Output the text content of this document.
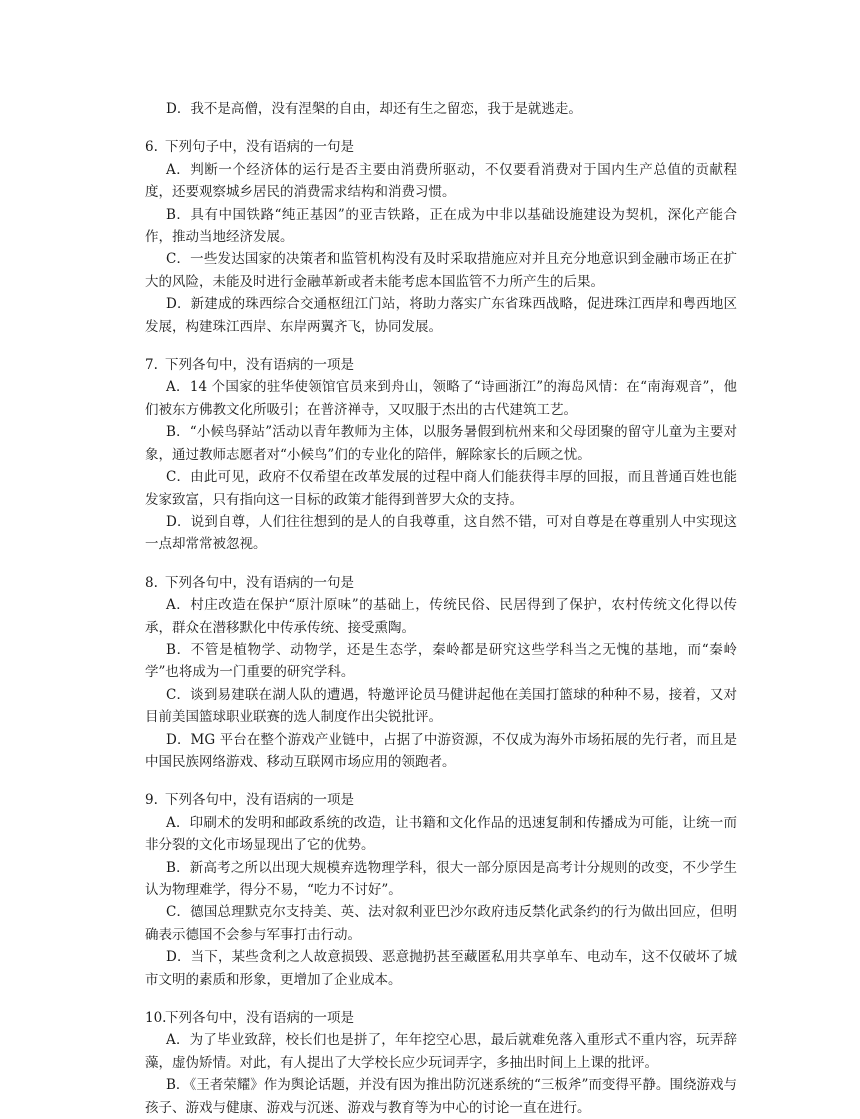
D．我不是高僧，没有涅槃的自由，却还有生之留恋，我于是就逃走。

6. 下列句子中，没有语病的一句是

A．判断一个经济体的运行是否主要由消费所驱动，不仅要看消费对于国内生产总值的贡献程度，还要观察城乡居民的消费需求结构和消费习惯。

B．具有中国铁路“纯正基因”的亚吉铁路，正在成为中非以基础设施建设为契机，深化产能合作，推动当地经济发展。

C．一些发达国家的决策者和监管机构没有及时采取措施应对并且充分地意识到金融市场正在扩大的风险，未能及时进行金融革新或者未能考虑本国监管不力所产生的后果。

D．新建成的珠西综合交通枢纽江门站，将助力落实广东省珠西战略，促进珠江西岸和粤西地区发展，构建珠江西岸、东岸两翼齐飞，协同发展。

7. 下列各句中，没有语病的一项是

A．14 个国家的驻华使领馆官员来到舟山，领略了“诗画浙江”的海岛风情：在“南海观音”，他们被东方佛教文化所吸引；在普济禅寺，又叹服于杰出的古代建筑工艺。

B．“小候鸟驿站”活动以青年教师为主体，以服务暑假到杭州来和父母团聚的留守儿童为主要对象，通过教师志愿者对“小候鸟”们的专业化的陪伴，解除家长的后顾之忧。

C．由此可见，政府不仅希望在改革发展的过程中商人们能获得丰厚的回报，而且普通百姓也能发家致富，只有指向这一目标的政策才能得到普罗大众的支持。

D．说到自尊，人们往往想到的是人的自我尊重，这自然不错，可对自尊是在尊重别人中实现这一点却常常被忽视。

8. 下列各句中，没有语病的一句是

A．村庄改造在保护“原汁原味”的基础上，传统民俗、民居得到了保护，农村传统文化得以传承，群众在潜移默化中传承传统、接受熏陶。

B．不管是植物学、动物学，还是生态学，秦岭都是研究这些学科当之无愧的基地，而“秦岭学”也将成为一门重要的研究学科。

C．谈到易建联在湖人队的遭遇，特邀评论员马健讲起他在美国打篮球的种种不易，接着，又对目前美国篮球职业联赛的选人制度作出尖锐批评。

D．MG 平台在整个游戏产业链中，占据了中游资源，不仅成为海外市场拓展的先行者，而且是中国民族网络游戏、移动互联网市场应用的领跑者。

9. 下列各句中，没有语病的一项是

A．印刷术的发明和邮政系统的改造，让书籍和文化作品的迅速复制和传播成为可能，让统一而非分裂的文化市场显现出了它的优势。

B．新高考之所以出现大规模弃选物理学科，很大一部分原因是高考计分规则的改变，不少学生认为物理难学，得分不易，“吃力不讨好”。

C．德国总理默克尔支持美、英、法对叙利亚巴沙尔政府违反禁化武条约的行为做出回应，但明确表示德国不会参与军事打击行动。

D．当下，某些贪利之人故意损毁、恶意抛扔甚至藏匿私用共享单车、电动车，这不仅破坏了城市文明的素质和形象，更增加了企业成本。

10.下列各句中，没有语病的一项是

A．为了毕业致辞，校长们也是拼了，年年挖空心思，最后就难免落入重形式不重内容，玩弄辞藻，虚伪矫情。对此，有人提出了大学校长应少玩词弄字，多抽出时间上上课的批评。

B．《王者荣耀》作为舆论话题，并没有因为推出防沉迷系统的“三板斧”而变得平静。围绕游戏与孩子、游戏与健康、游戏与沉迷、游戏与教育等为中心的讨论一直在进行。
